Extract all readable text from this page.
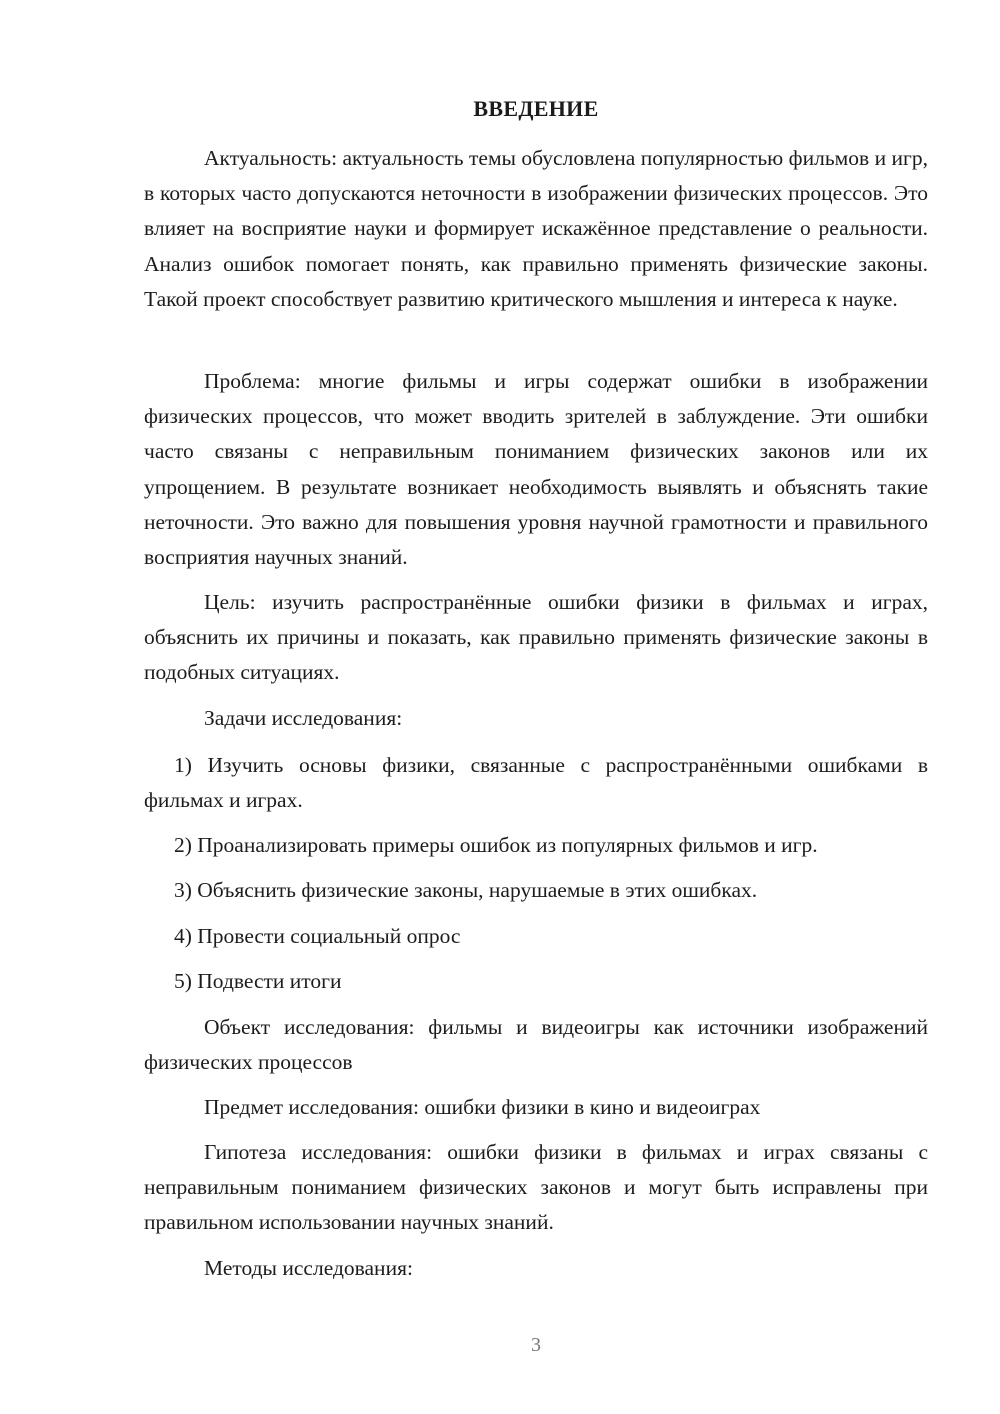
ВВЕДЕНИЕ

Актуальность: актуальность темы обусловлена популярностью фильмов и игр, в которых часто допускаются неточности в изображении физических процессов. Это влияет на восприятие науки и формирует искажённое представление о реальности. Анализ ошибок помогает понять, как правильно применять физические законы. Такой проект способствует развитию критического мышления и интереса к науке.

Проблема: многие фильмы и игры содержат ошибки в изображении физических процессов, что может вводить зрителей в заблуждение. Эти ошибки часто связаны с неправильным пониманием физических законов или их упрощением. В результате возникает необходимость выявлять и объяснять такие неточности. Это важно для повышения уровня научной грамотности и правильного восприятия научных знаний.

Цель: изучить распространённые ошибки физики в фильмах и играх, объяснить их причины и показать, как правильно применять физические законы в подобных ситуациях.

Задачи исследования:

1) Изучить основы физики, связанные с распространёнными ошибками в фильмах и играх.

2) Проанализировать примеры ошибок из популярных фильмов и игр.

3) Объяснить физические законы, нарушаемые в этих ошибках.

4) Провести социальный опрос

5) Подвести итоги

Объект исследования: фильмы и видеоигры как источники изображений физических процессов

Предмет исследования: ошибки физики в кино и видеоиграх

Гипотеза исследования: ошибки физики в фильмах и играх связаны с неправильным пониманием физических законов и могут быть исправлены при правильном использовании научных знаний.

Методы исследования:

3
